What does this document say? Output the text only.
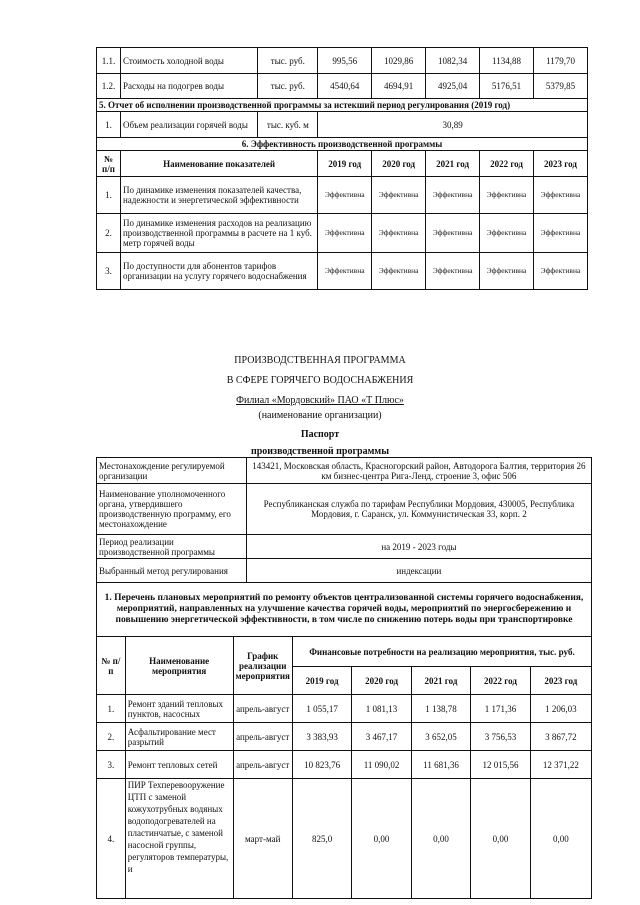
1.1.	Стоимость холодной воды	тыс. руб.	995,56	1029,86	1082,34	1134,88	1179,70
1.2.	Расходы на подогрев воды	тыс. руб.	4540,64	4694,91	4925,04	5176,51	5379,85
5. Отчет об исполнении производственной программы за истекший период регулирования (2019 год)							
1.	Объем реализации горячей воды	тыс. куб. м	30,89				
6. Эффективность производственной программы							
№ п/п	Наименование показателей		2019 год	2020 год	2021 год	2022 год	2023 год
1.	По динамике изменения показателей качества, надежности и энергетической эффективности		Эффективна	Эффективна	Эффективна	Эффективна	Эффективна
2.	По динамике изменения расходов на реализацию производственной программы в расчете на 1 куб. метр горячей воды		Эффективна	Эффективна	Эффективна	Эффективна	Эффективна
3.	По доступности для абонентов тарифов организации на услугу горячего водоснабжения		Эффективна	Эффективна	Эффективна	Эффективна	Эффективна
ПРОИЗВОДСТВЕННАЯ ПРОГРАММА
В СФЕРЕ ГОРЯЧЕГО ВОДОСНАБЖЕНИЯ
Филиал «Мордовский» ПАО «Т Плюс»
(наименование организации)
Паспорт
производственной программы
Местонахождение регулируемой организации	143421, Московская область, Красногорский район, Автодорога Балтия, территория 26 км бизнес-центра Рига-Ленд, строение 3, офис 506
Наименование уполномоченного органа, утвердившего производственную программу, его местонахождение	Республиканская служба по тарифам Республики Мордовия, 430005, Республика Мордовия, г. Саранск, ул. Коммунистическая 33, корп. 2
Период реализации производственной программы	на 2019 - 2023 годы
Выбранный метод регулирования	индексации
1. Перечень плановых мероприятий по ремонту объектов централизованной системы горячего водоснабжения, мероприятий, направленных на улучшение качества горячей воды, мероприятий по энергосбережению и повышению энергетической эффективности, в том числе по снижению потерь воды при транспортировке							
№ п/п	Наименование мероприятия	График реализации мероприятия	Финансовые потребности на реализацию мероприятия, тыс. руб.				
			2019 год	2020 год	2021 год	2022 год	2023 год
1.	Ремонт зданий тепловых пунктов, насосных	апрель-август	1 055,17	1 081,13	1 138,78	1 171,36	1 206,03
2.	Асфальтирование мест разрытий	апрель-август	3 383,93	3 467,17	3 652,05	3 756,53	3 867,72
3.	Ремонт тепловых сетей	апрель-август	10 823,76	11 090,02	11 681,36	12 015,56	12 371,22
4.	ПИР Техперевооружение ЦТП с заменой кожухотрубных водяных водоподогревателей на пластинчатые, с заменой насосной группы, регуляторов температуры, и	март-май	825,0	0,00	0,00	0,00	0,00
